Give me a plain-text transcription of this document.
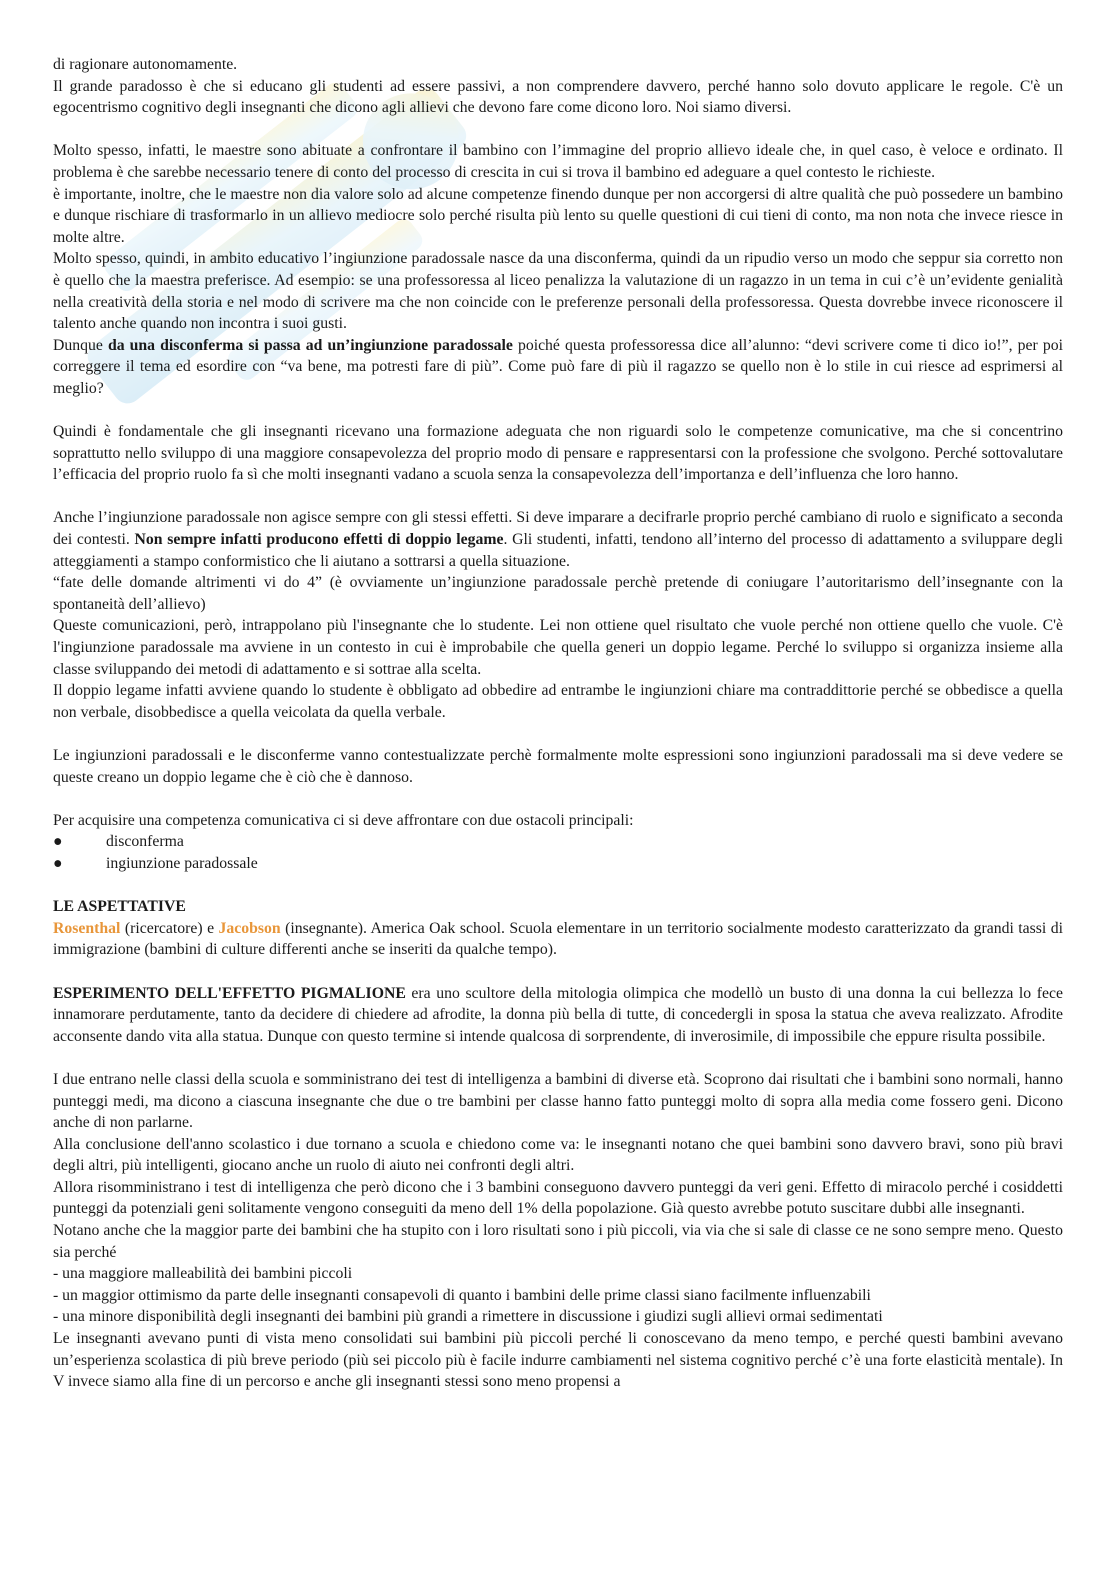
di ragionare autonomamente.

Il grande paradosso è che si educano gli studenti ad essere passivi, a non comprendere davvero, perché hanno solo dovuto applicare le regole. C'è un egocentrismo cognitivo degli insegnanti che dicono agli allievi che devono fare come dicono loro. Noi siamo diversi.

Molto spesso, infatti, le maestre sono abituate a confrontare il bambino con l’immagine del proprio allievo ideale che, in quel caso, è veloce e ordinato. Il problema è che sarebbe necessario tenere di conto del processo di crescita in cui si trova il bambino ed adeguare a quel contesto le richieste.

è importante, inoltre, che le maestre non dia valore solo ad alcune competenze finendo dunque per non accorgersi di altre qualità che può possedere un bambino e dunque rischiare di trasformarlo in un allievo mediocre solo perché risulta più lento su quelle questioni di cui tieni di conto, ma non nota che invece riesce in molte altre.

Molto spesso, quindi, in ambito educativo l’ingiunzione paradossale nasce da una disconferma, quindi da un ripudio verso un modo che seppur sia corretto non è quello che la maestra preferisce. Ad esempio: se una professoressa al liceo penalizza la valutazione di un ragazzo in un tema in cui c’è un’evidente genialità nella creatività della storia e nel modo di scrivere ma che non coincide con le preferenze personali della professoressa. Questa dovrebbe invece riconoscere il talento anche quando non incontra i suoi gusti.

Dunque da una disconferma si passa ad un’ingiunzione paradossale poiché questa professoressa dice all’alunno: “devi scrivere come ti dico io!”, per poi correggere il tema ed esordire con “va bene, ma potresti fare di più”. Come può fare di più il ragazzo se quello non è lo stile in cui riesce ad esprimersi al meglio?

Quindi è fondamentale che gli insegnanti ricevano una formazione adeguata che non riguardi solo le competenze comunicative, ma che si concentrino soprattutto nello sviluppo di una maggiore consapevolezza del proprio modo di pensare e rappresentarsi con la professione che svolgono. Perché sottovalutare l’efficacia del proprio ruolo fa sì che molti insegnanti vadano a scuola senza la consapevolezza dell’importanza e dell’influenza che loro hanno.

Anche l’ingiunzione paradossale non agisce sempre con gli stessi effetti. Si deve imparare a decifrarle proprio perché cambiano di ruolo e significato a seconda dei contesti. Non sempre infatti producono effetti di doppio legame. Gli studenti, infatti, tendono all’interno del processo di adattamento a sviluppare degli atteggiamenti a stampo conformistico che li aiutano a sottrarsi a quella situazione.

“fate delle domande altrimenti vi do 4” (è ovviamente un’ingiunzione paradossale perchè pretende di coniugare l’autoritarismo dell’insegnante con la spontaneità dell’allievo)

Queste comunicazioni, però, intrappolano più l'insegnante che lo studente. Lei non ottiene quel risultato che vuole perché non ottiene quello che vuole. C'è l'ingiunzione paradossale ma avviene in un contesto in cui è improbabile che quella generi un doppio legame. Perché lo sviluppo si organizza insieme alla classe sviluppando dei metodi di adattamento e si sottrae alla scelta.

Il doppio legame infatti avviene quando lo studente è obbligato ad obbedire ad entrambe le ingiunzioni chiare ma contraddittorie perché se obbedisce a quella non verbale, disobbedisce a quella veicolata da quella verbale.

Le ingiunzioni paradossali e le disconferme vanno contestualizzate perchè formalmente molte espressioni sono ingiunzioni paradossali ma si deve vedere se queste creano un doppio legame che è ciò che è dannoso.

Per acquisire una competenza comunicativa ci si deve affrontare con due ostacoli principali:

●	disconferma
●	ingiunzione paradossale

LE ASPETTATIVE

Rosenthal (ricercatore) e Jacobson (insegnante). America Oak school. Scuola elementare in un territorio socialmente modesto caratterizzato da grandi tassi di immigrazione (bambini di culture differenti anche se inseriti da qualche tempo).

ESPERIMENTO DELL'EFFETTO PIGMALIONE era uno scultore della mitologia olimpica che modellò un busto di una donna la cui bellezza lo fece innamorare perdutamente, tanto da decidere di chiedere ad afrodite, la donna più bella di tutte, di concedergli in sposa la statua che aveva realizzato. Afrodite acconsente dando vita alla statua. Dunque con questo termine si intende qualcosa di sorprendente, di inverosimile, di impossibile che eppure risulta possibile.

I due entrano nelle classi della scuola e somministrano dei test di intelligenza a bambini di diverse età. Scoprono dai risultati che i bambini sono normali, hanno punteggi medi, ma dicono a ciascuna insegnante che due o tre bambini per classe hanno fatto punteggi molto di sopra alla media come fossero geni. Dicono anche di non parlarne.

Alla conclusione dell'anno scolastico i due tornano a scuola e chiedono come va: le insegnanti notano che quei bambini sono davvero bravi, sono più bravi degli altri, più intelligenti, giocano anche un ruolo di aiuto nei confronti degli altri.

Allora risomministrano i test di intelligenza che però dicono che i 3 bambini conseguono davvero punteggi da veri geni. Effetto di miracolo perché i cosiddetti punteggi da potenziali geni solitamente vengono conseguiti da meno dell 1% della popolazione. Già questo avrebbe potuto suscitare dubbi alle insegnanti.

Notano anche che la maggior parte dei bambini che ha stupito con i loro risultati sono i più piccoli, via via che si sale di classe ce ne sono sempre meno. Questo sia perché

- una maggiore malleabilità dei bambini piccoli

- un maggior ottimismo da parte delle insegnanti consapevoli di quanto i bambini delle prime classi siano facilmente influenzabili

- una minore disponibilità degli insegnanti dei bambini più grandi a rimettere in discussione i giudizi sugli allievi ormai sedimentati

Le insegnanti avevano punti di vista meno consolidati sui bambini più piccoli perché li conoscevano da meno tempo, e perché questi bambini avevano un’esperienza scolastica di più breve periodo (più sei piccolo più è facile indurre cambiamenti nel sistema cognitivo perché c’è una forte elasticità mentale). In V invece siamo alla fine di un percorso e anche gli insegnanti stessi sono meno propensi a
